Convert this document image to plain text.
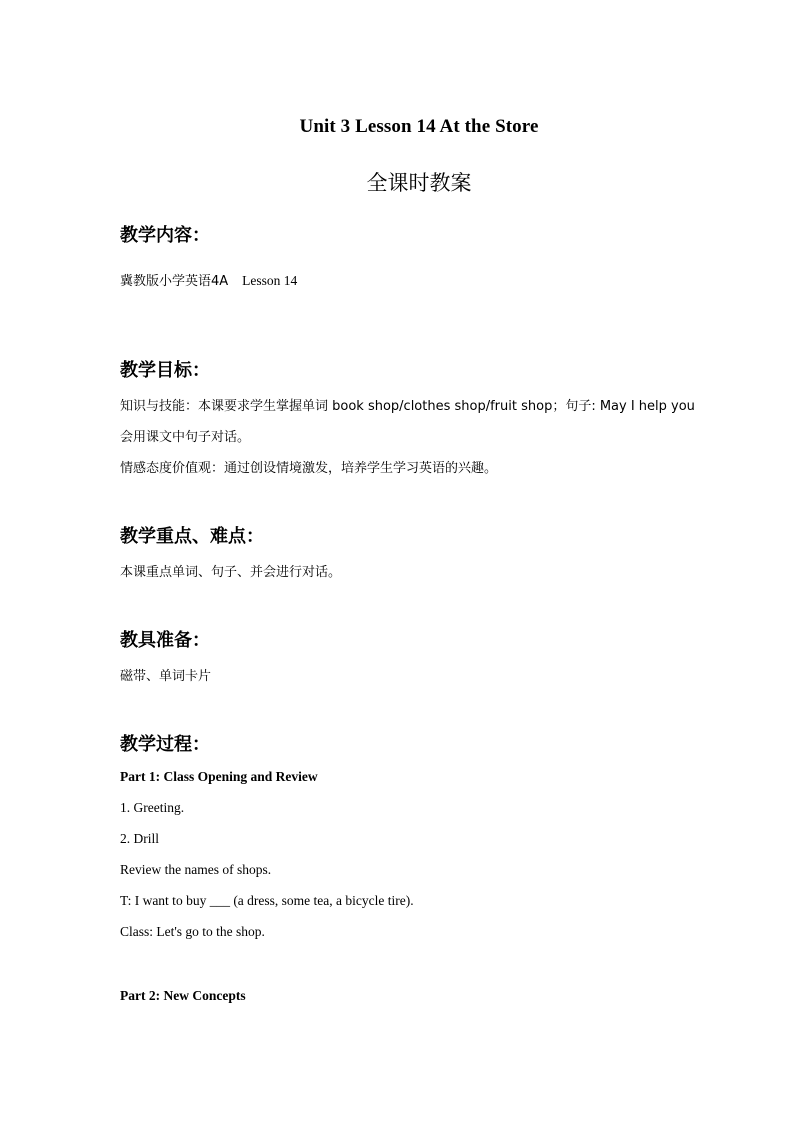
Unit 3 Lesson 14 At the Store
全课时教案
教学内容：
冀教版小学英语4A Lesson 14
教学目标：
知识与技能：本课要求学生掌握单词 book shop/clothes shop/fruit shop；句子: May I help you
会用课文中句子对话。
情感态度价值观：通过创设情境激发，培养学生学习英语的兴趣。
教学重点、难点：
本课重点单词、句子、并会进行对话。
教具准备：
磁带、单词卡片
教学过程：
Part 1: Class Opening and Review
1. Greeting.
2. Drill
Review the names of shops.
T: I want to buy ___ (a dress, some tea, a bicycle tire).
Class: Let's go to the shop.
Part 2: New Concepts
